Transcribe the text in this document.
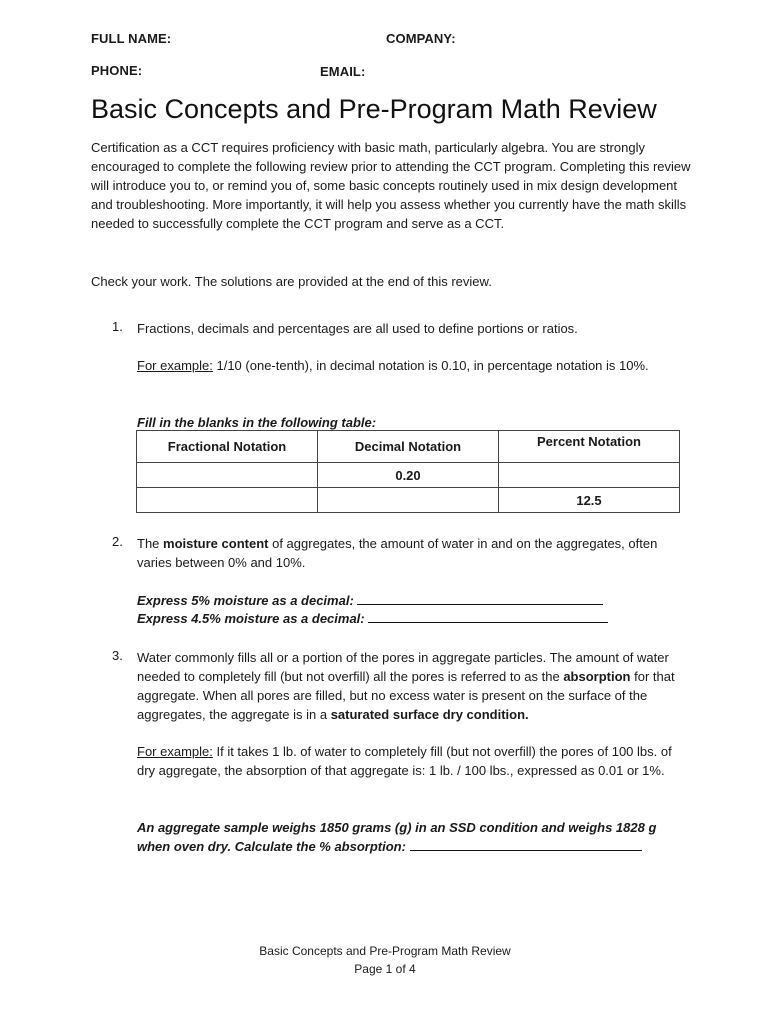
FULL NAME:	COMPANY:
PHONE:	EMAIL:
Basic Concepts and Pre-Program Math Review
Certification as a CCT requires proficiency with basic math, particularly algebra. You are strongly encouraged to complete the following review prior to attending the CCT program. Completing this review will introduce you to, or remind you of, some basic concepts routinely used in mix design development and troubleshooting. More importantly, it will help you assess whether you currently have the math skills needed to successfully complete the CCT program and serve as a CCT.
Check your work. The solutions are provided at the end of this review.
1. Fractions, decimals and percentages are all used to define portions or ratios.
For example: 1/10 (one-tenth), in decimal notation is 0.10, in percentage notation is 10%.
Fill in the blanks in the following table:
Fractional Notation	Decimal Notation	Percent Notation
	0.20	
		12.5
2. The moisture content of aggregates, the amount of water in and on the aggregates, often varies between 0% and 10%.
Express 5% moisture as a decimal:
Express 4.5% moisture as a decimal:
3. Water commonly fills all or a portion of the pores in aggregate particles. The amount of water needed to completely fill (but not overfill) all the pores is referred to as the absorption for that aggregate. When all pores are filled, but no excess water is present on the surface of the aggregates, the aggregate is in a saturated surface dry condition.
For example: If it takes 1 lb. of water to completely fill (but not overfill) the pores of 100 lbs. of dry aggregate, the absorption of that aggregate is: 1 lb. / 100 lbs., expressed as 0.01 or 1%.
An aggregate sample weighs 1850 grams (g) in an SSD condition and weighs 1828 g when oven dry. Calculate the % absorption:
Basic Concepts and Pre-Program Math Review
Page 1 of 4
